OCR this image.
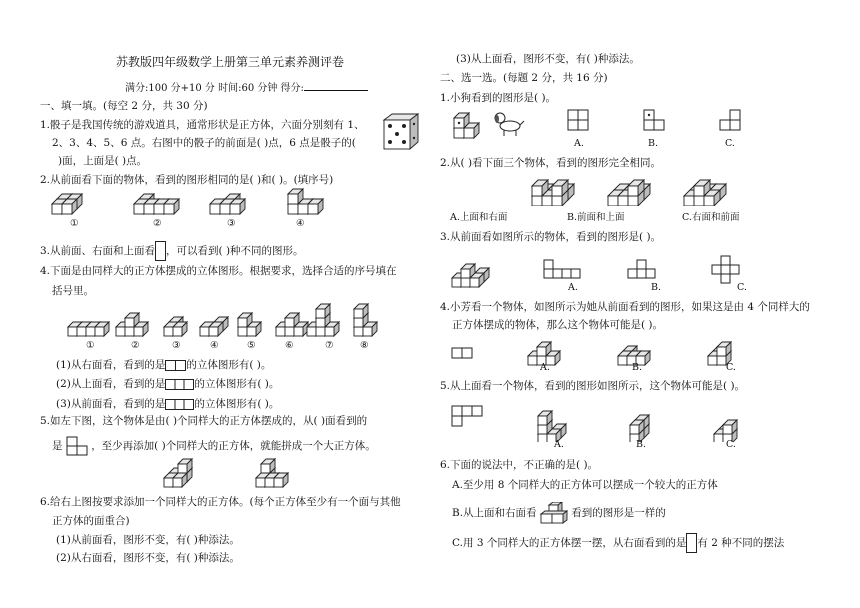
苏教版四年级数学上册第三单元素养测评卷
满分:100 分+10 分 时间:60 分钟 得分:
一、填一填。(每空 2 分，共 30 分)
1.骰子是我国传统的游戏道具，通常形状是正方体，六面分别刻有 1、
2、3、4、5、6 点。右图中的骰子的前面是( )点，6 点是骰子的(
)面，上面是( )点。
2.从前面看下面的物体，看到的图形相同的是( )和( )。(填序号)
①	②	③	④
3.从前面、右面和上面看 ，可以看到( )种不同的图形。
4.下面是由同样大的正方体摆成的立体图形。根据要求，选择合适的序号填在
括号里。
①	②	③	④	⑤	⑥	⑦	⑧
(1)从右面看，看到的是 的立体图形有( )。
(2)从上面看，看到的是	的立体图形有( )。
(3)从前面看，看到的是	的立体图形有( )。
5.如左下图，这个物体是由( )个同样大的正方体摆成的，从( )面看到的
是	，至少再添加( )个同样大的正方体，就能拼成一个大正方体。
6.给右上图按要求添加一个同样大的正方体。(每个正方体至少有一个面与其他
正方体的面重合)
(1)从前面看，图形不变，有( )种添法。
(2)从右面看，图形不变，有( )种添法。
(3)从上面看，图形不变，有( )种添法。
二、选一选。(每题 2 分，共 16 分)
1.小狗看到的图形是( )。
A.	B.	C.
2.从( )看下面三个物体，看到的图形完全相同。
A.上面和右面	B.前面和上面	C.右面和前面
3.从前面看如图所示的物体，看到的图形是( )。
A.	B.	C.
4.小芳看一个物体，如图所示为她从前面看到的图形，如果这是由 4 个同样大的
正方体摆成的物体，那么这个物体可能是( )。
A.	B.	C.
5.从上面看一个物体，看到的图形如图所示，这个物体可能是( )。
A.	B.	C.
6.下面的说法中，不正确的是( )。
A.至少用 8 个同样大的正方体可以摆成一个较大的正方体
B.从上面和右面看	看到的图形是一样的
C.用 3 个同样大的正方体摆一摆，从右面看到的是 有 2 种不同的摆法
